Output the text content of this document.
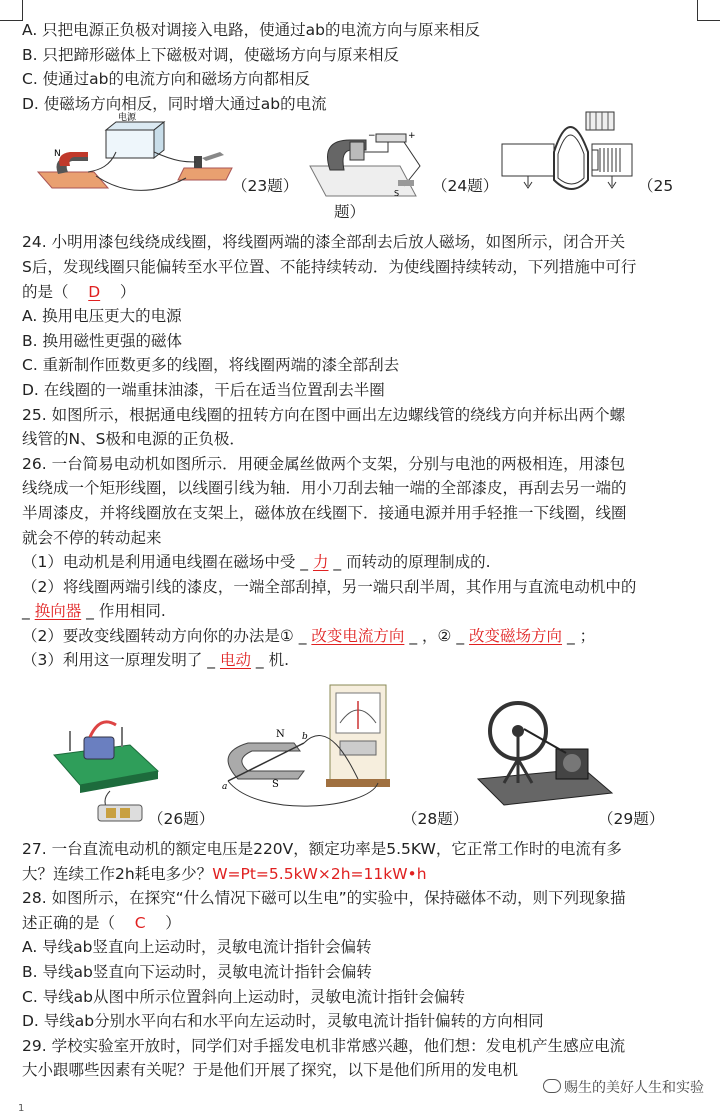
A. 只把电源正负极对调接入电路，使通过ab的电流方向与原来相反
B. 只把蹄形磁体上下磁极对调，使磁场方向与原来相反
C. 使通过ab的电流方向和磁场方向都相反
D. 使磁场方向相反，同时增大通过ab的电流
N
电源
（23题）
+
−
S （24题）	（25
题）
24. 小明用漆包线绕成线圈，将线圈两端的漆全部刮去后放人磁场，如图所示，闭合开关
S后，发现线圈只能偏转至水平位置、不能持续转动．为使线圈持续转动，下列措施中可行
的是（ D ）
A. 换用电压更大的电源
B. 换用磁性更强的磁体
C. 重新制作匝数更多的线圈，将线圈两端的漆全部刮去
D. 在线圈的一端重抹油漆，干后在适当位置刮去半圈
25. 如图所示，根据通电线圈的扭转方向在图中画出左边螺线管的绕线方向并标出两个螺
线管的N、S极和电源的正负极．
26. 一台简易电动机如图所示．用硬金属丝做两个支架，分别与电池的两极相连，用漆包
线绕成一个矩形线圈，以线圈引线为轴．用小刀刮去轴一端的全部漆皮，再刮去另一端的
半周漆皮，并将线圈放在支架上，磁体放在线圈下．接通电源并用手轻推一下线圈，线圈
就会不停的转动起来
（1）电动机是利用通电线圈在磁场中受 _ 力 _ 而转动的原理制成的.
（2）将线圈两端引线的漆皮，一端全部刮掉，另一端只刮半周，其作用与直流电动机中的
_ 换向器 _ 作用相同.
（2）要改变线圈转动方向你的办法是① _ 改变电流方向 _ ，② _ 改变磁场方向 _ ；
（3）利用这一原理发明了 _ 电动 _ 机.
（26题）
N
S
a
b
（28题）	（29题）
27. 一台直流电动机的额定电压是220V，额定功率是5.5KW，它正常工作时的电流有多
大？连续工作2h耗电多少？W=Pt=5.5kW×2h=11kW•h
28. 如图所示，在探究“什么情况下磁可以生电”的实验中，保持磁体不动，则下列现象描
述正确的是（ C ）
A. 导线ab竖直向上运动时，灵敏电流计指针会偏转
B. 导线ab竖直向下运动时，灵敏电流计指针会偏转
C. 导线ab从图中所示位置斜向上运动时，灵敏电流计指针会偏转
D. 导线ab分别水平向右和水平向左运动时，灵敏电流计指针偏转的方向相同
29. 学校实验室开放时，同学们对手摇发电机非常感兴趣，他们想：发电机产生感应电流
大小跟哪些因素有关呢？于是他们开展了探究，以下是他们所用的发电机
赐生的美好人生和实验
1
